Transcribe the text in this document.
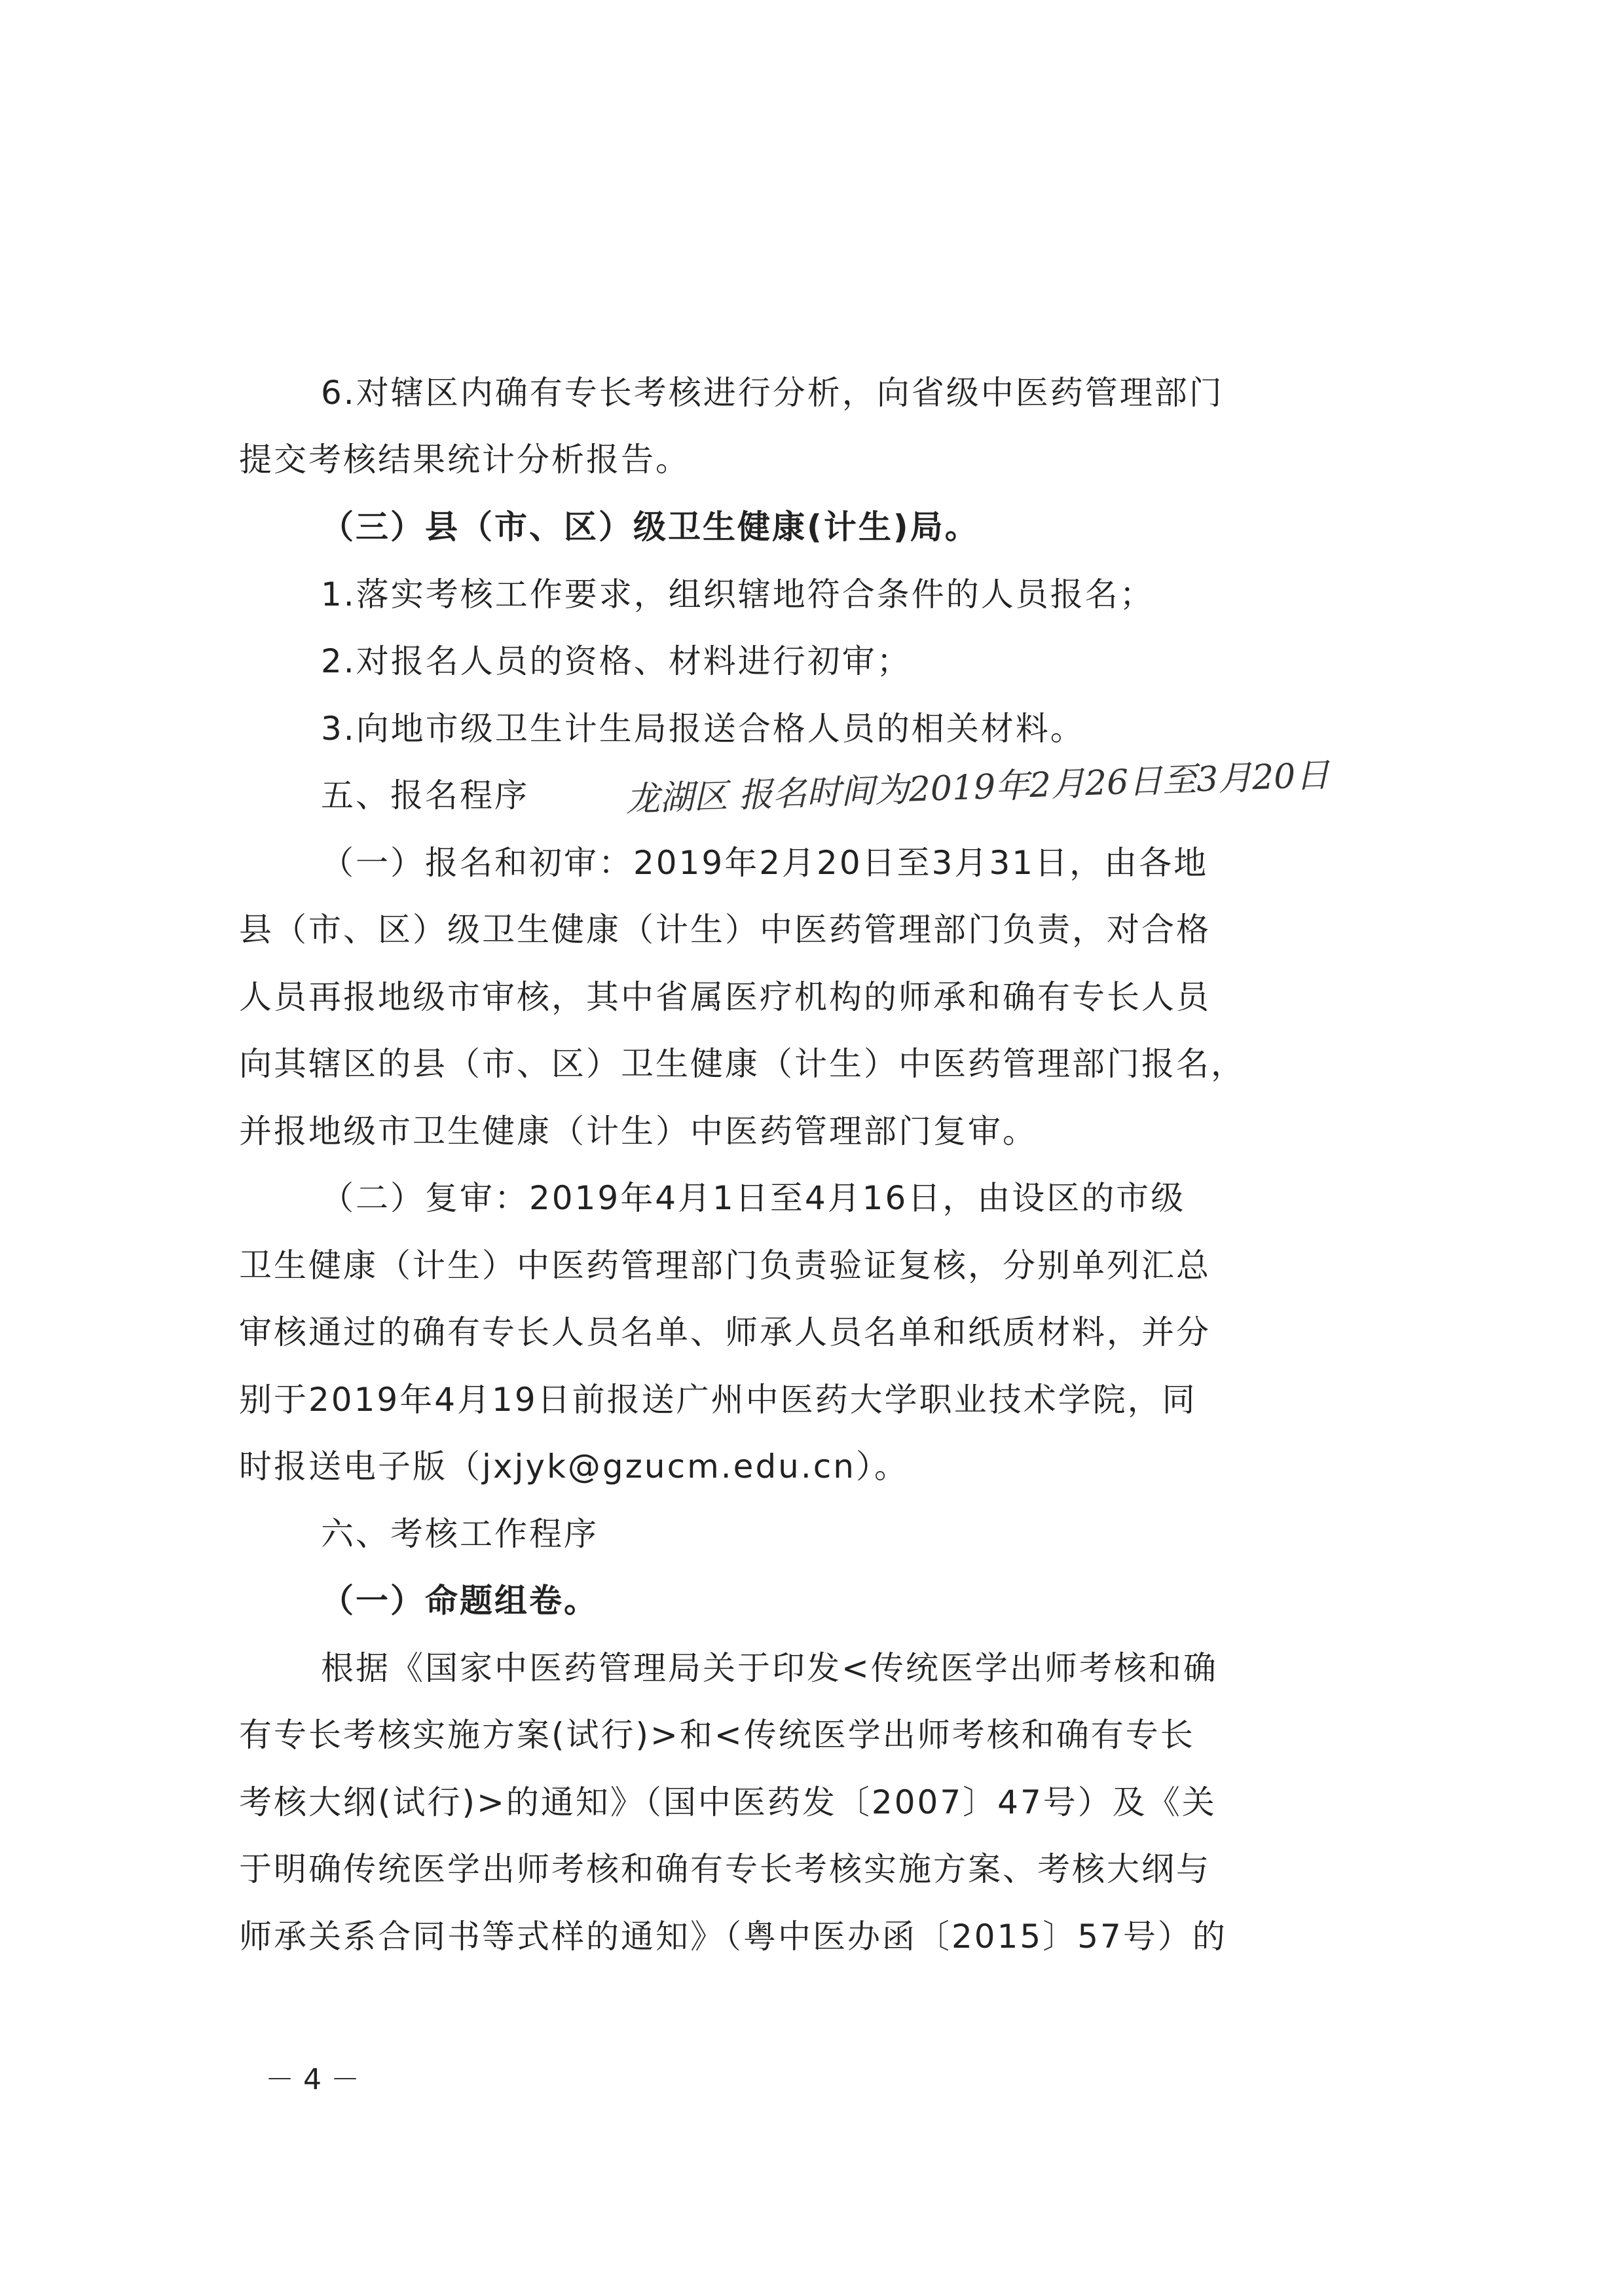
6.对辖区内确有专长考核进行分析，向省级中医药管理部门
提交考核结果统计分析报告。
（三）县（市、区）级卫生健康(计生)局。
1.落实考核工作要求，组织辖地符合条件的人员报名；
2.对报名人员的资格、材料进行初审；
3.向地市级卫生计生局报送合格人员的相关材料。
五、报名程序
（一）报名和初审：2019年2月20日至3月31日，由各地
县（市、区）级卫生健康（计生）中医药管理部门负责，对合格
人员再报地级市审核，其中省属医疗机构的师承和确有专长人员
向其辖区的县（市、区）卫生健康（计生）中医药管理部门报名，
并报地级市卫生健康（计生）中医药管理部门复审。
（二）复审：2019年4月1日至4月16日，由设区的市级
卫生健康（计生）中医药管理部门负责验证复核，分别单列汇总
审核通过的确有专长人员名单、师承人员名单和纸质材料，并分
别于2019年4月19日前报送广州中医药大学职业技术学院，同
时报送电子版（jxjyk@gzucm.edu.cn）。
六、考核工作程序
（一）命题组卷。
根据《国家中医药管理局关于印发<传统医学出师考核和确
有专长考核实施方案(试行)>和<传统医学出师考核和确有专长
考核大纲(试行)>的通知》（国中医药发〔2007〕47号）及《关
于明确传统医学出师考核和确有专长考核实施方案、考核大纲与
师承关系合同书等式样的通知》（粤中医办函〔2015〕57号）的
龙湖区 报名时间为2019年2月26日至3月20日
－ 4 －
